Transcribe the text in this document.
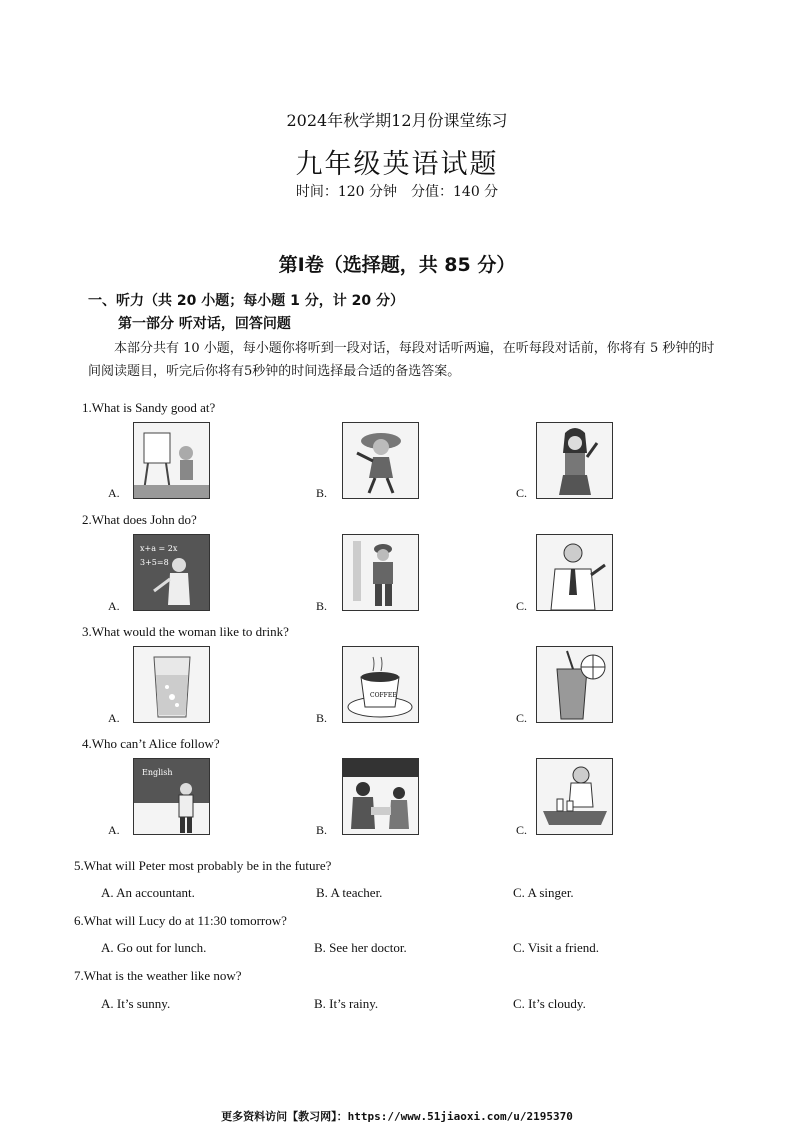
2024年秋学期12月份课堂练习
九年级英语试题
时间：120 分钟　分值：140 分
第Ⅰ卷（选择题，共 85 分）
一、听力（共 20 小题；每小题 1 分，计 20 分）
第一部分 听对话，回答问题
本部分共有 10 小题，每小题你将听到一段对话，每段对话听两遍，在听每段对话前，你将有 5 秒钟的时间阅读题目，听完后你将有5秒钟的时间选择最合适的备选答案。
1.What is Sandy good at?
A.	B.	C.
2.What does John do?
A.
x+a = 2x
3+5=8
B.	C.
3.What would the woman like to drink?
A.	B.
COFFEE
C.
4.Who can’t Alice follow?
A.
English
B.	C.
5.What will Peter most probably be in the future?
A. An accountant.	B. A teacher.	C. A singer.
6.What will Lucy do at 11:30 tomorrow?
A. Go out for lunch.	B. See her doctor.	C. Visit a friend.
7.What is the weather like now?
A. It’s sunny.	B. It’s rainy.	C. It’s cloudy.
更多资料访问【教习网】：https://www.51jiaoxi.com/u/2195370
